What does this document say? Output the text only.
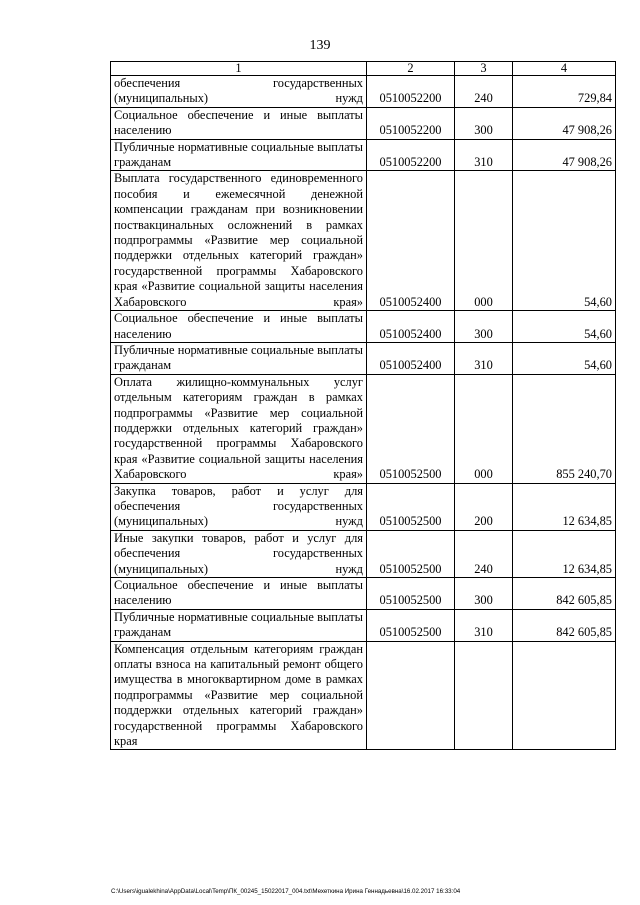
139
1	2	3	4
обеспечения государственных (муниципальных) нужд	0510052200	240	729,84
Социальное обеспечение и иные выплаты населению	0510052200	300	47 908,26
Публичные нормативные социальные выплаты гражданам	0510052200	310	47 908,26
Выплата государственного единовременного пособия и ежемесячной денежной компенсации гражданам при возникновении поствакцинальных осложнений в рамках подпрограммы «Развитие мер социальной поддержки отдельных категорий граждан» государственной программы Хабаровского края «Развитие социальной защиты населения Хабаровского края»	0510052400	000	54,60
Социальное обеспечение и иные выплаты населению	0510052400	300	54,60
Публичные нормативные социальные выплаты гражданам	0510052400	310	54,60
Оплата жилищно-коммунальных услуг отдельным категориям граждан в рамках подпрограммы «Развитие мер социальной поддержки отдельных категорий граждан» государственной программы Хабаровского края «Развитие социальной защиты населения Хабаровского края»	0510052500	000	855 240,70
Закупка товаров, работ и услуг для обеспечения государственных (муниципальных) нужд	0510052500	200	12 634,85
Иные закупки товаров, работ и услуг для обеспечения государственных (муниципальных) нужд	0510052500	240	12 634,85
Социальное обеспечение и иные выплаты населению	0510052500	300	842 605,85
Публичные нормативные социальные выплаты гражданам	0510052500	310	842 605,85
Компенсация отдельным категориям граждан оплаты взноса на капитальный ремонт общего имущества в многоквартирном доме в рамках подпрограммы «Развитие мер социальной поддержки отдельных категорий граждан» государственной программы Хабаровского края			
C:\Users\igualekhina\AppData\Local\Temp\ПК_00245_15022017_004.txt\Мехеткина Ирина Геннадьевна\16.02.2017 16:33:04
